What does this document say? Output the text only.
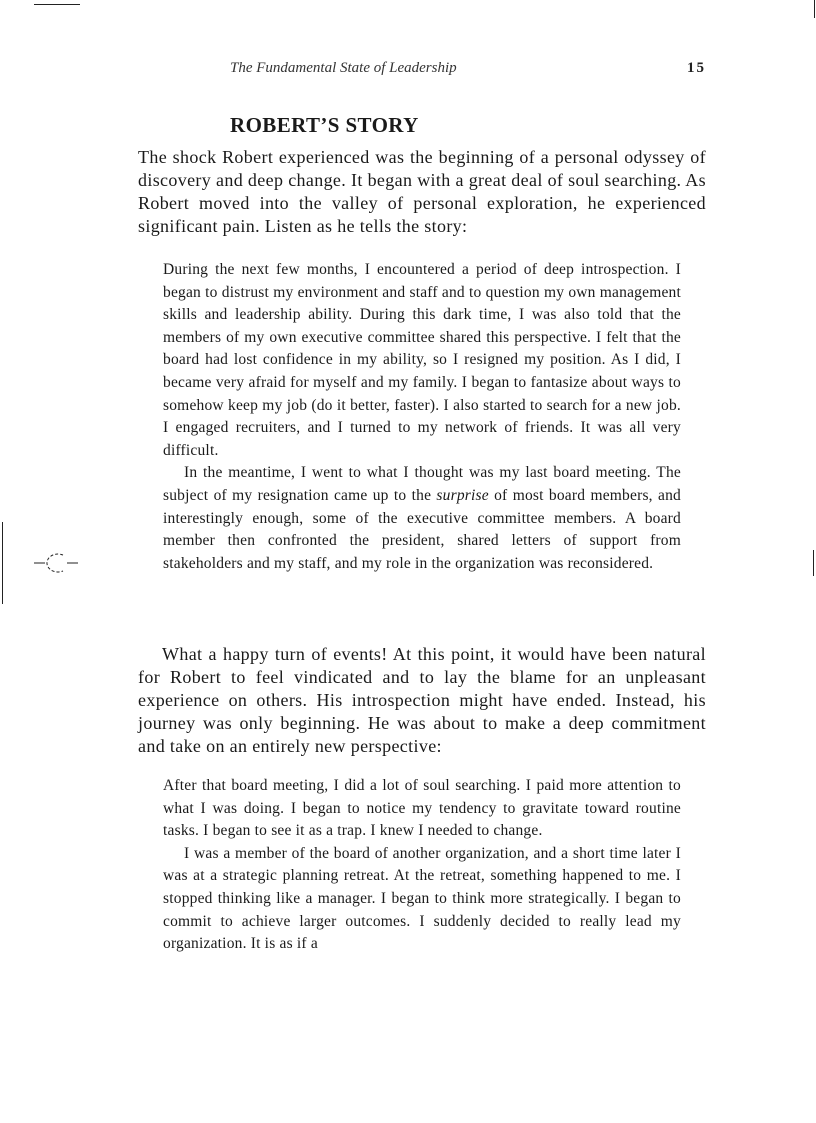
The Fundamental State of Leadership	15
ROBERT’S STORY

The shock Robert experienced was the beginning of a personal odyssey of discovery and deep change. It began with a great deal of soul searching. As Robert moved into the valley of personal exploration, he experienced significant pain. Listen as he tells the story:

During the next few months, I encountered a period of deep introspection. I began to distrust my environment and staff and to question my own management skills and leadership ability. During this dark time, I was also told that the members of my own executive committee shared this perspective. I felt that the board had lost confidence in my ability, so I resigned my position. As I did, I became very afraid for myself and my family. I began to fantasize about ways to somehow keep my job (do it better, faster). I also started to search for a new job. I engaged recruiters, and I turned to my network of friends. It was all very difficult.

In the meantime, I went to what I thought was my last board meeting. The subject of my resignation came up to the surprise of most board members, and interestingly enough, some of the executive committee members. A board member then confronted the president, shared letters of support from stakeholders and my staff, and my role in the organization was reconsidered.

What a happy turn of events! At this point, it would have been natural for Robert to feel vindicated and to lay the blame for an unpleasant experience on others. His introspection might have ended. Instead, his journey was only beginning. He was about to make a deep commitment and take on an entirely new perspective:

After that board meeting, I did a lot of soul searching. I paid more attention to what I was doing. I began to notice my tendency to gravitate toward routine tasks. I began to see it as a trap. I knew I needed to change.

I was a member of the board of another organization, and a short time later I was at a strategic planning retreat. At the retreat, something happened to me. I stopped thinking like a manager. I began to think more strategically. I began to commit to achieve larger outcomes. I suddenly decided to really lead my organization. It is as if a
